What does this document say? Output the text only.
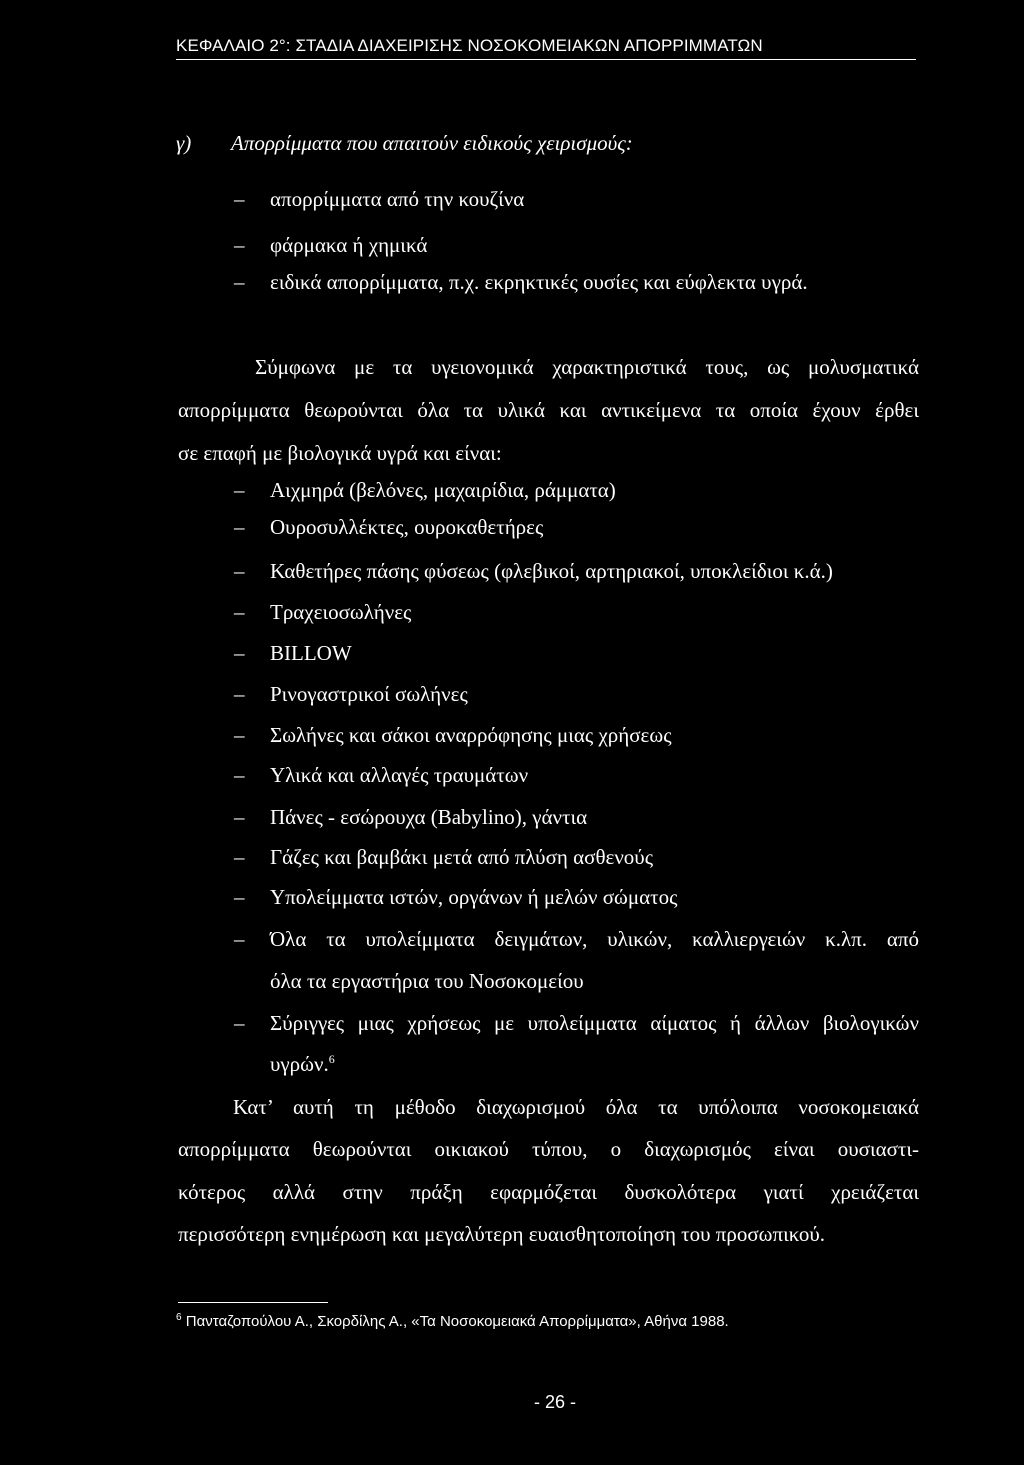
ΚΕΦΑΛΑΙΟ 2°: ΣΤΑΔΙΑ ΔΙΑΧΕΙΡΙΣΗΣ ΝΟΣΟΚΟΜΕΙΑΚΩΝ ΑΠΟΡΡΙΜΜΑΤΩΝ
γ) Απορρίμματα που απαιτούν ειδικούς χειρισμούς:
– απορρίμματα από την κουζίνα
– φάρμακα ή χημικά
– ειδικά απορρίμματα, π.χ. εκρηκτικές ουσίες και εύφλεκτα υγρά.
Σύμφωνα με τα υγειονομικά χαρακτηριστικά τους, ως μολυσματικά
απορρίμματα θεωρούνται όλα τα υλικά και αντικείμενα τα οποία έχουν έρθει
σε επαφή με βιολογικά υγρά και είναι:
– Αιχμηρά (βελόνες, μαχαιρίδια, ράμματα)
– Ουροσυλλέκτες, ουροκαθετήρες
– Καθετήρες πάσης φύσεως (φλεβικοί, αρτηριακοί, υποκλείδιοι κ.ά.)
– Τραχειοσωλήνες
– BILLOW
– Ρινογαστρικοί σωλήνες
– Σωλήνες και σάκοι αναρρόφησης μιας χρήσεως
– Υλικά και αλλαγές τραυμάτων
– Πάνες - εσώρουχα (Babylino), γάντια
– Γάζες και βαμβάκι μετά από πλύση ασθενούς
– Υπολείμματα ιστών, οργάνων ή μελών σώματος
– Όλα τα υπολείμματα δειγμάτων, υλικών, καλλιεργειών κ.λπ. από
όλα τα εργαστήρια του Νοσοκομείου
– Σύριγγες μιας χρήσεως με υπολείμματα αίματος ή άλλων βιολογικών
υγρών.$^6$
Κατ’ αυτή τη μέθοδο διαχωρισμού όλα τα υπόλοιπα νοσοκομειακά
απορρίμματα θεωρούνται οικιακού τύπου, ο διαχωρισμός είναι ουσιαστι-
κότερος αλλά στην πράξη εφαρμόζεται δυσκολότερα γιατί χρειάζεται
περισσότερη ενημέρωση και μεγαλύτερη ευαισθητοποίηση του προσωπικού.
$^6$ Πανταζοπούλου Α., Σκορδίλης Α., «Τα Νοσοκομειακά Απορρίμματα», Αθήνα 1988.
- 26 -
